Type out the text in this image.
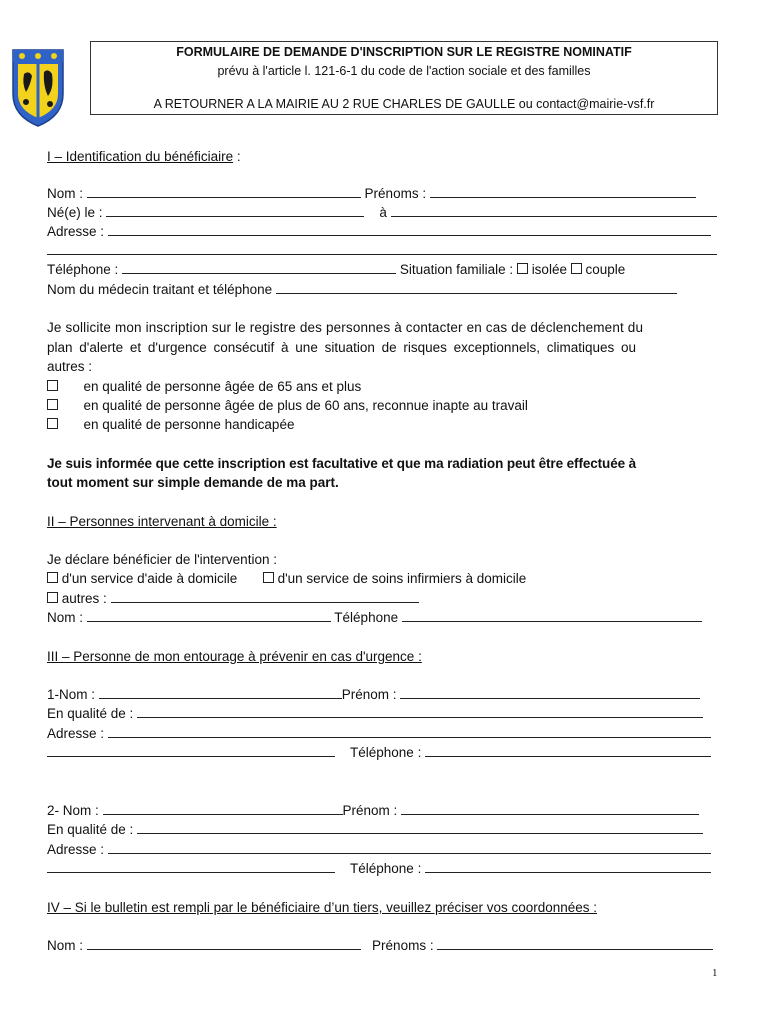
FORMULAIRE DE DEMANDE D'INSCRIPTION SUR LE REGISTRE NOMINATIF
prévu à l'article l. 121-6-1 du code de l'action sociale et des familles
A RETOURNER A LA MAIRIE AU 2 RUE CHARLES DE GAULLE ou contact@mairie-vsf.fr
I – Identification du bénéficiaire :
Nom :	Prénoms :
Né(e) le :	à
Adresse :
Téléphone :	Situation familiale : isolée couple
Nom du médecin traitant et téléphone
Je sollicite mon inscription sur le registre des personnes à contacter en cas de déclenchement du
plan d'alerte et d'urgence consécutif à une situation de risques exceptionnels, climatiques ou
autres :
en qualité de personne âgée de 65 ans et plus
en qualité de personne âgée de plus de 60 ans, reconnue inapte au travail
en qualité de personne handicapée
Je suis informée que cette inscription est facultative et que ma radiation peut être effectuée à
tout moment sur simple demande de ma part.
II – Personnes intervenant à domicile :
Je déclare bénéficier de l'intervention :
d'un service d'aide à domicile	d'un service de soins infirmiers à domicile
autres :
Nom :	Téléphone
III – Personne de mon entourage à prévenir en cas d'urgence :
1-Nom :	Prénom :
En qualité de :
Adresse :
Téléphone :
2- Nom :	Prénom :
En qualité de :
Adresse :
Téléphone :
IV – Si le bulletin est rempli par le bénéficiaire d’un tiers, veuillez préciser vos coordonnées :
Nom :	Prénoms :
1
